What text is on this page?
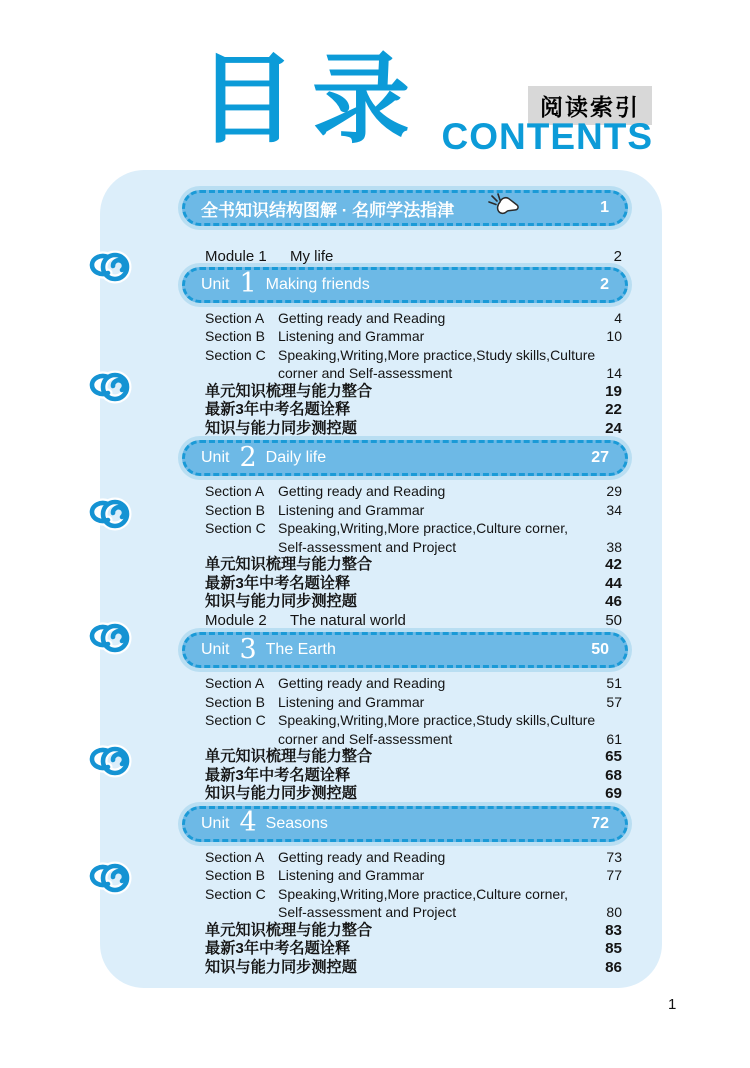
目录	阅读索引
CONTENTS
全书知识结构图解 · 名师学法指津	1
Module 1	My life	2
Unit 1 Making friends	2
Section A Getting ready and Reading	4
Section B Listening and Grammar	10
Section C Speaking,Writing,More practice,Study skills,Culture
corner and Self-assessment	14
单元知识梳理与能力整合	19
最新3年中考名题诠释	22
知识与能力同步测控题	24
Unit 2 Daily life	27
Section A Getting ready and Reading	29
Section B Listening and Grammar	34
Section C Speaking,Writing,More practice,Culture corner,
Self-assessment and Project	38
单元知识梳理与能力整合	42
最新3年中考名题诠释	44
知识与能力同步测控题	46
Module 2	The natural world	50
Unit 3 The Earth	50
Section A Getting ready and Reading	51
Section B Listening and Grammar	57
Section C Speaking,Writing,More practice,Study skills,Culture
corner and Self-assessment	61
单元知识梳理与能力整合	65
最新3年中考名题诠释	68
知识与能力同步测控题	69
Unit 4 Seasons	72
Section A Getting ready and Reading	73
Section B Listening and Grammar	77
Section C Speaking,Writing,More practice,Culture corner,
Self-assessment and Project	80
单元知识梳理与能力整合	83
最新3年中考名题诠释	85
知识与能力同步测控题	86
1
